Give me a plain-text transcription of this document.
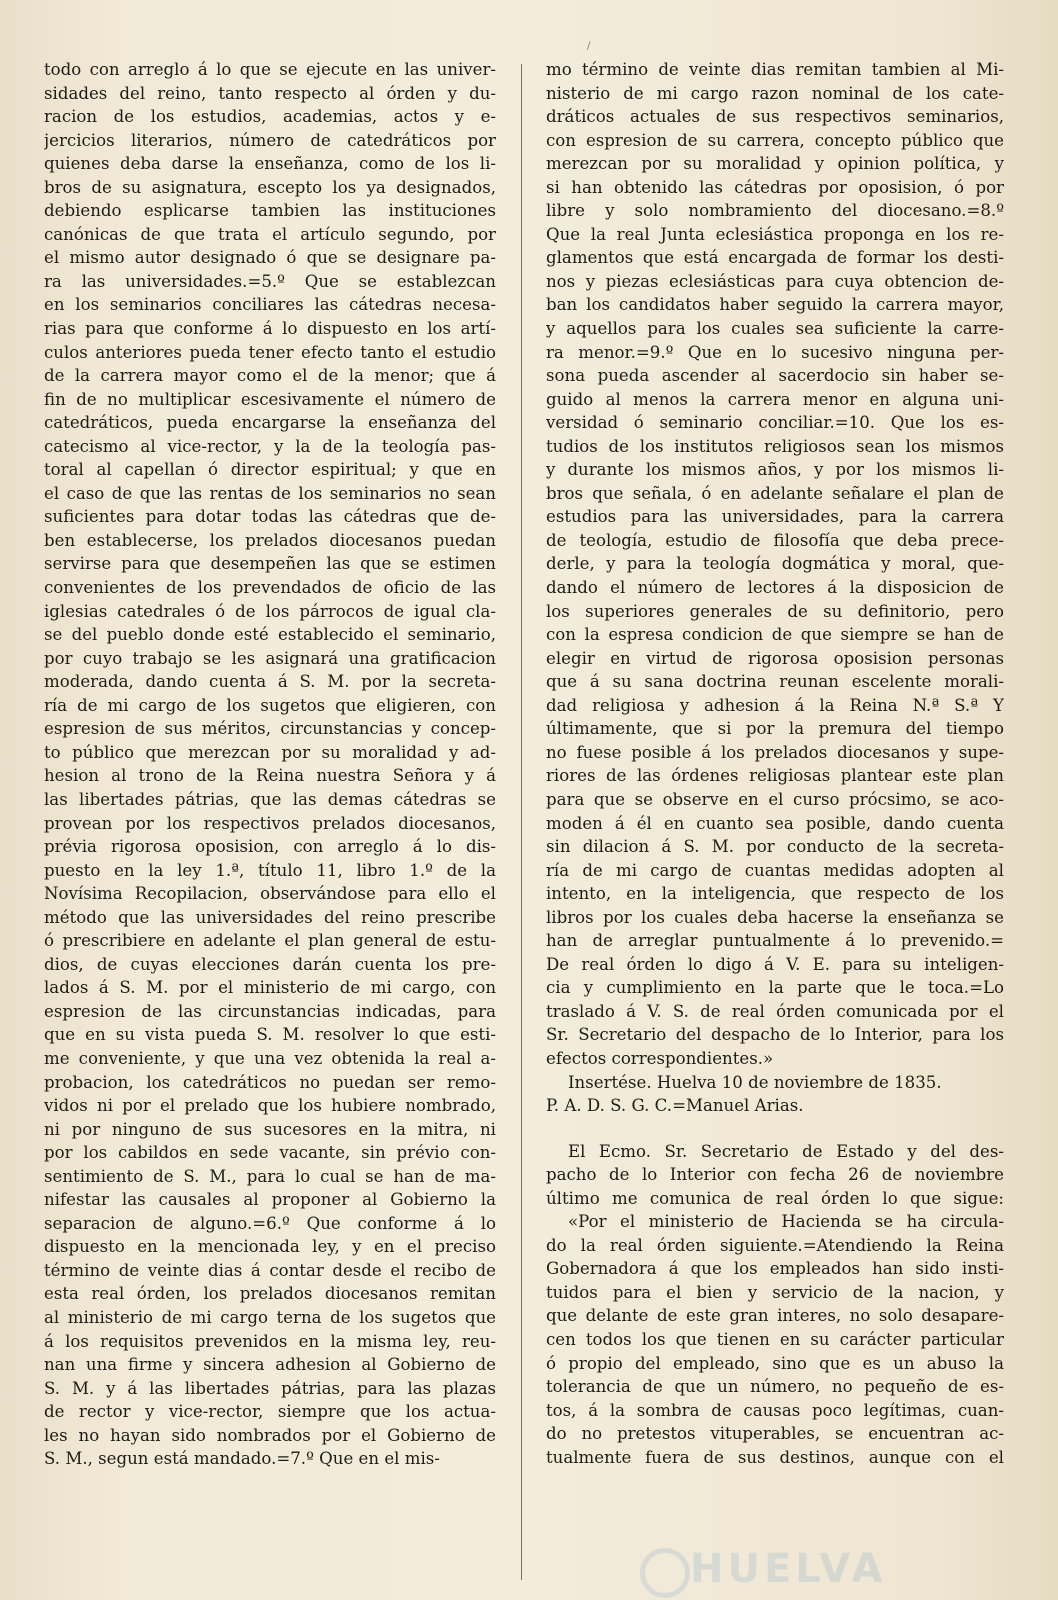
todo con arreglo á lo que se ejecute en las univer-
sidades del reino, tanto respecto al órden y du-
racion de los estudios, academias, actos y e-
jercicios literarios, número de catedráticos por
quienes deba darse la enseñanza, como de los li-
bros de su asignatura, escepto los ya designados,
debiendo esplicarse tambien las instituciones
canónicas de que trata el artículo segundo, por
el mismo autor designado ó que se designare pa-
ra las universidades.=5.º Que se establezcan
en los seminarios conciliares las cátedras necesa-
rias para que conforme á lo dispuesto en los artí-
culos anteriores pueda tener efecto tanto el estudio
de la carrera mayor como el de la menor; que á
fin de no multiplicar escesivamente el número de
catedráticos, pueda encargarse la enseñanza del
catecismo al vice-rector, y la de la teología pas-
toral al capellan ó director espiritual; y que en
el caso de que las rentas de los seminarios no sean
suficientes para dotar todas las cátedras que de-
ben establecerse, los prelados diocesanos puedan
servirse para que desempeñen las que se estimen
convenientes de los prevendados de oficio de las
iglesias catedrales ó de los párrocos de igual cla-
se del pueblo donde esté establecido el seminario,
por cuyo trabajo se les asignará una gratificacion
moderada, dando cuenta á S. M. por la secreta-
ría de mi cargo de los sugetos que eligieren, con
espresion de sus méritos, circunstancias y concep-
to público que merezcan por su moralidad y ad-
hesion al trono de la Reina nuestra Señora y á
las libertades pátrias, que las demas cátedras se
provean por los respectivos prelados diocesanos,
prévia rigorosa oposision, con arreglo á lo dis-
puesto en la ley 1.ª, título 11, libro 1.º de la
Novísima Recopilacion, observándose para ello el
método que las universidades del reino prescribe
ó prescribiere en adelante el plan general de estu-
dios, de cuyas elecciones darán cuenta los pre-
lados á S. M. por el ministerio de mi cargo, con
espresion de las circunstancias indicadas, para
que en su vista pueda S. M. resolver lo que esti-
me conveniente, y que una vez obtenida la real a-
probacion, los catedráticos no puedan ser remo-
vidos ni por el prelado que los hubiere nombrado,
ni por ninguno de sus sucesores en la mitra, ni
por los cabildos en sede vacante, sin prévio con-
sentimiento de S. M., para lo cual se han de ma-
nifestar las causales al proponer al Gobierno la
separacion de alguno.=6.º Que conforme á lo
dispuesto en la mencionada ley, y en el preciso
término de veinte dias á contar desde el recibo de
esta real órden, los prelados diocesanos remitan
al ministerio de mi cargo terna de los sugetos que
á los requisitos prevenidos en la misma ley, reu-
nan una firme y sincera adhesion al Gobierno de
S. M. y á las libertades pátrias, para las plazas
de rector y vice-rector, siempre que los actua-
les no hayan sido nombrados por el Gobierno de
S. M., segun está mandado.=7.º Que en el mis-
mo término de veinte dias remitan tambien al Mi-
nisterio de mi cargo razon nominal de los cate-
dráticos actuales de sus respectivos seminarios,
con espresion de su carrera, concepto público que
merezcan por su moralidad y opinion política, y
si han obtenido las cátedras por oposision, ó por
libre y solo nombramiento del diocesano.=8.º
Que la real Junta eclesiástica proponga en los re-
glamentos que está encargada de formar los desti-
nos y piezas eclesiásticas para cuya obtencion de-
ban los candidatos haber seguido la carrera mayor,
y aquellos para los cuales sea suficiente la carre-
ra menor.=9.º Que en lo sucesivo ninguna per-
sona pueda ascender al sacerdocio sin haber se-
guido al menos la carrera menor en alguna uni-
versidad ó seminario conciliar.=10. Que los es-
tudios de los institutos religiosos sean los mismos
y durante los mismos años, y por los mismos li-
bros que señala, ó en adelante señalare el plan de
estudios para las universidades, para la carrera
de teología, estudio de filosofía que deba prece-
derle, y para la teología dogmática y moral, que-
dando el número de lectores á la disposicion de
los superiores generales de su definitorio, pero
con la espresa condicion de que siempre se han de
elegir en virtud de rigorosa oposision personas
que á su sana doctrina reunan escelente morali-
dad religiosa y adhesion á la Reina N.ª S.ª Y
últimamente, que si por la premura del tiempo
no fuese posible á los prelados diocesanos y supe-
riores de las órdenes religiosas plantear este plan
para que se observe en el curso prócsimo, se aco-
moden á él en cuanto sea posible, dando cuenta
sin dilacion á S. M. por conducto de la secreta-
ría de mi cargo de cuantas medidas adopten al
intento, en la inteligencia, que respecto de los
libros por los cuales deba hacerse la enseñanza se
han de arreglar puntualmente á lo prevenido.=
De real órden lo digo á V. E. para su inteligen-
cia y cumplimiento en la parte que le toca.=Lo
traslado á V. S. de real órden comunicada por el
Sr. Secretario del despacho de lo Interior, para los
efectos correspondientes.»
Insertése. Huelva 10 de noviembre de 1835.
P. A. D. S. G. C.=Manuel Arias.
El Ecmo. Sr. Secretario de Estado y del des-
pacho de lo Interior con fecha 26 de noviembre
último me comunica de real órden lo que sigue:
«Por el ministerio de Hacienda se ha circula-
do la real órden siguiente.=Atendiendo la Reina
Gobernadora á que los empleados han sido insti-
tuidos para el bien y servicio de la nacion, y
que delante de este gran interes, no solo desapare-
cen todos los que tienen en su carácter particular
ó propio del empleado, sino que es un abuso la
tolerancia de que un número, no pequeño de es-
tos, á la sombra de causas poco legítimas, cuan-
do no pretestos vituperables, se encuentran ac-
tualmente fuera de sus destinos, aunque con el
HUELVA
